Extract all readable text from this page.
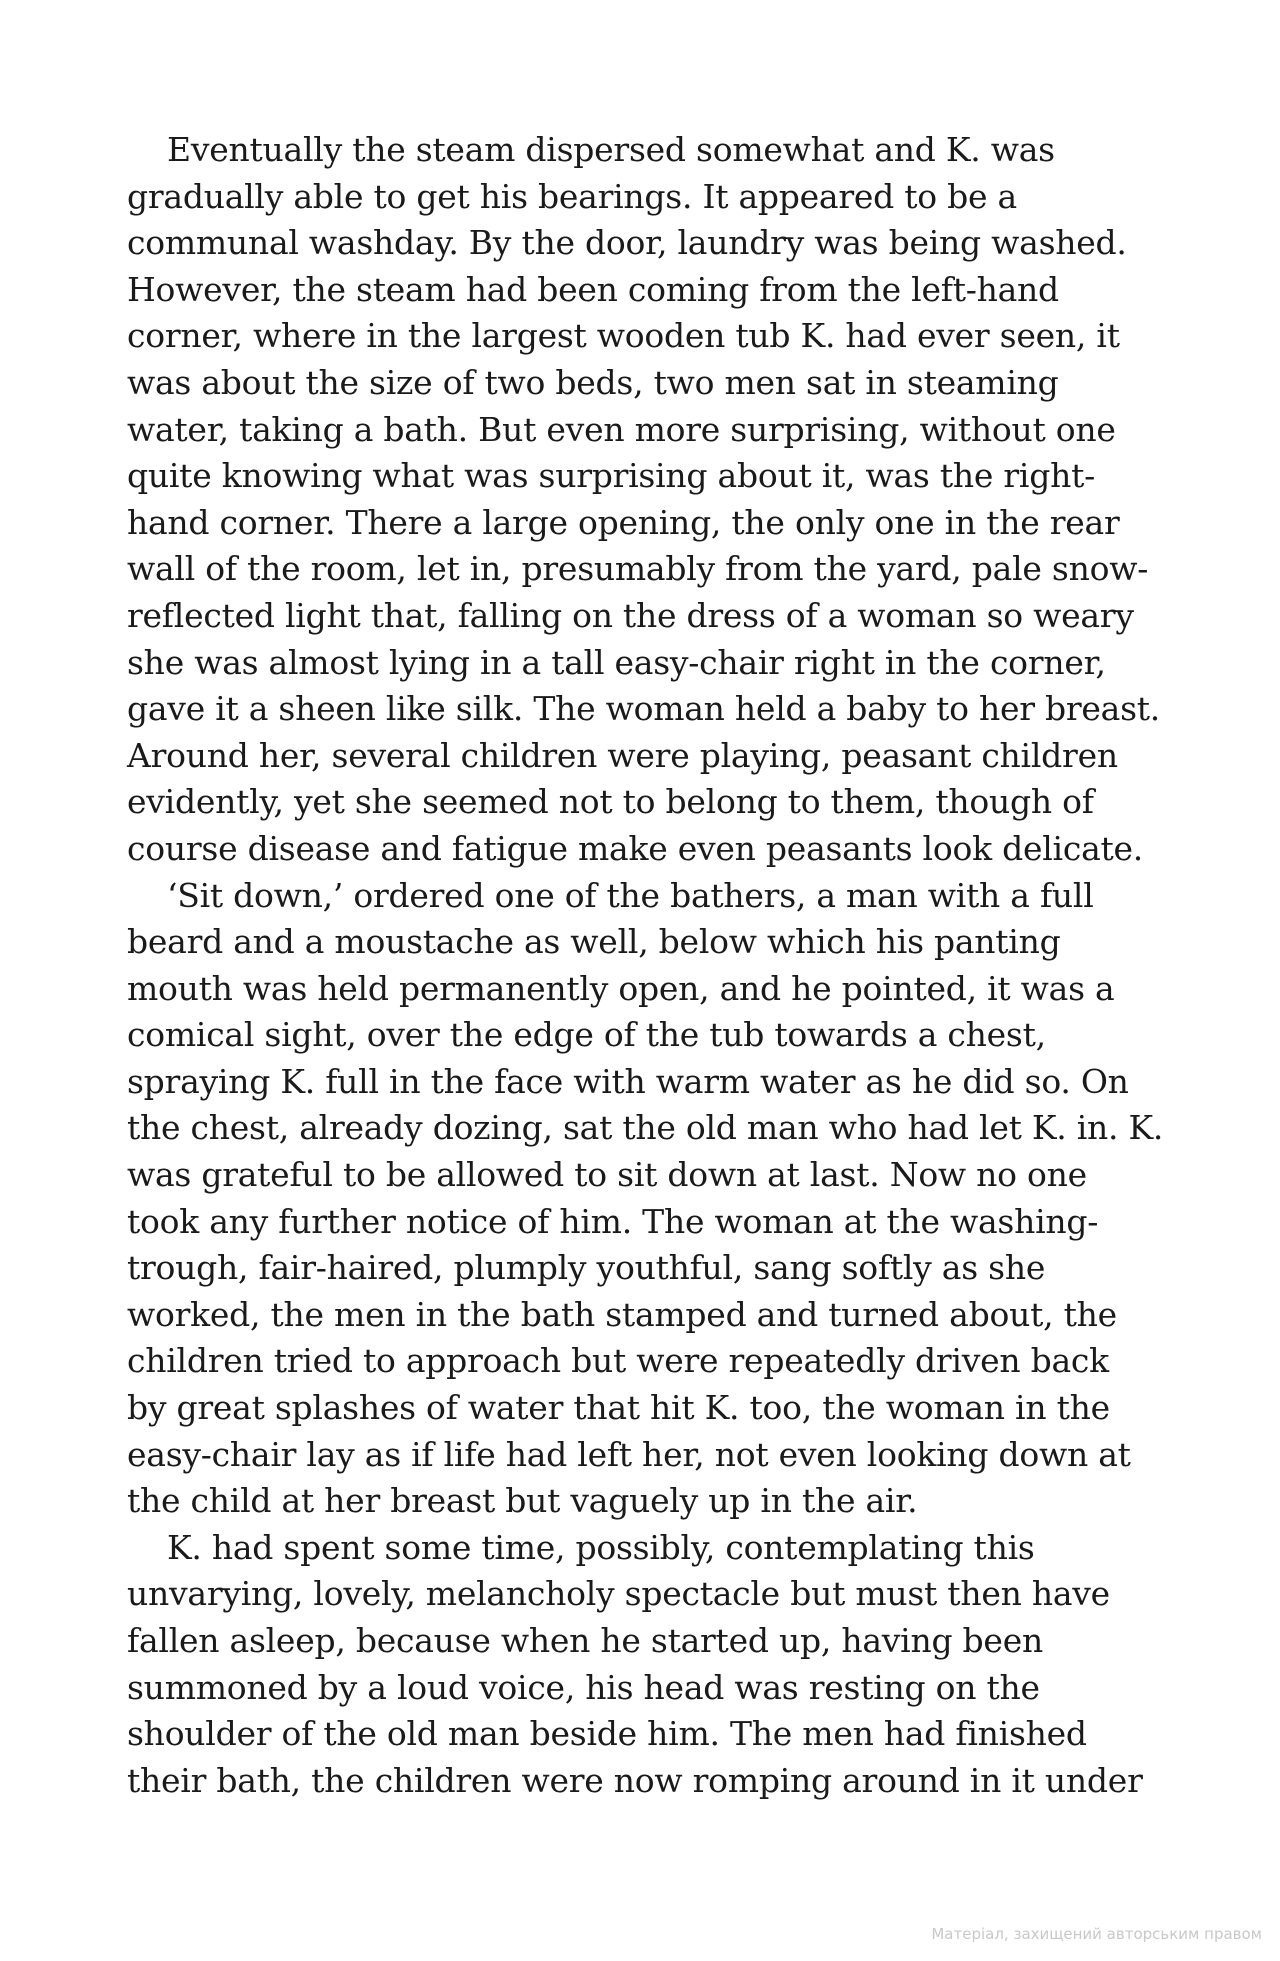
Eventually the steam dispersed somewhat and K. was
gradually able to get his bearings. It appeared to be a
communal washday. By the door, laundry was being washed.
However, the steam had been coming from the left-hand
corner, where in the largest wooden tub K. had ever seen, it
was about the size of two beds, two men sat in steaming
water, taking a bath. But even more surprising, without one
quite knowing what was surprising about it, was the right-
hand corner. There a large opening, the only one in the rear
wall of the room, let in, presumably from the yard, pale snow-
reflected light that, falling on the dress of a woman so weary
she was almost lying in a tall easy-chair right in the corner,
gave it a sheen like silk. The woman held a baby to her breast.
Around her, several children were playing, peasant children
evidently, yet she seemed not to belong to them, though of
course disease and fatigue make even peasants look delicate.
‘Sit down,’ ordered one of the bathers, a man with a full
beard and a moustache as well, below which his panting
mouth was held permanently open, and he pointed, it was a
comical sight, over the edge of the tub towards a chest,
spraying K. full in the face with warm water as he did so. On
the chest, already dozing, sat the old man who had let K. in. K.
was grateful to be allowed to sit down at last. Now no one
took any further notice of him. The woman at the washing-
trough, fair-haired, plumply youthful, sang softly as she
worked, the men in the bath stamped and turned about, the
children tried to approach but were repeatedly driven back
by great splashes of water that hit K. too, the woman in the
easy-chair lay as if life had left her, not even looking down at
the child at her breast but vaguely up in the air.
K. had spent some time, possibly, contemplating this
unvarying, lovely, melancholy spectacle but must then have
fallen asleep, because when he started up, having been
summoned by a loud voice, his head was resting on the
shoulder of the old man beside him. The men had finished
their bath, the children were now romping around in it under
Матеріал, захищений авторським правом
